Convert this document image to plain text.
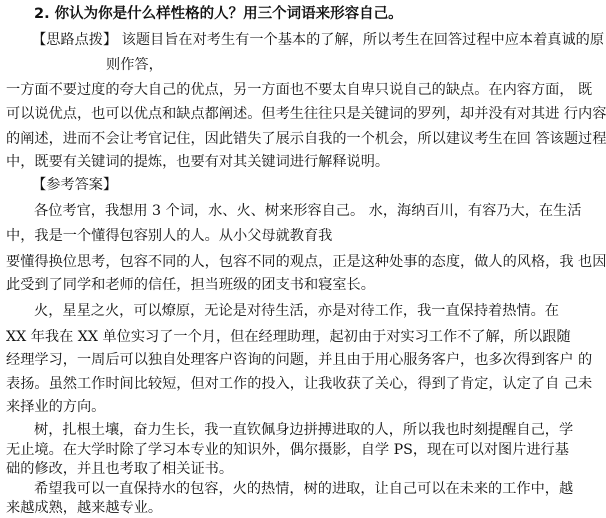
2. 你认为你是什么样性格的人？用三个词语来形容自己。
【思路点拨】 该题目旨在对考生有一个基本的了解，所以考生在回答过程中应本着真诚的原
则作答，
一方面不要过度的夸大自己的优点，另一方面也不要太自卑只说自己的缺点。在内容方面， 既
可以说优点，也可以优点和缺点都阐述。但考生往往只是关键词的罗列，却并没有对其进 行内容
的阐述，进而不会让考官记住，因此错失了展示自我的一个机会，所以建议考生在回 答该题过程
中，既要有关键词的提炼，也要有对其关键词进行解释说明。
【参考答案】
各位考官，我想用 3 个词，水、火、树来形容自己。 水，海纳百川，有容乃大，在生活
中，我是一个懂得包容别人的人。从小父母就教育我
要懂得换位思考，包容不同的人，包容不同的观点，正是这种处事的态度，做人的风格，我 也因
此受到了同学和老师的信任，担当班级的团支书和寝室长。
火，星星之火，可以燎原，无论是对待生活，亦是对待工作，我一直保持着热情。在
XX 年我在 XX 单位实习了一个月，但在经理助理，起初由于对实习工作不了解，所以跟随
经理学习，一周后可以独自处理客户咨询的问题，并且由于用心服务客户，也多次得到客户 的
表扬。虽然工作时间比较短，但对工作的投入，让我收获了关心，得到了肯定，认定了自 己未
来择业的方向。
树，扎根土壤，奋力生长，我一直钦佩身边拼搏进取的人，所以我也时刻提醒自己，学
无止境。在大学时除了学习本专业的知识外，偶尔摄影，自学 PS，现在可以对图片进行基
础的修改，并且也考取了相关证书。
希望我可以一直保持水的包容，火的热情，树的进取，让自己可以在未来的工作中，越
来越成熟，越来越专业。
